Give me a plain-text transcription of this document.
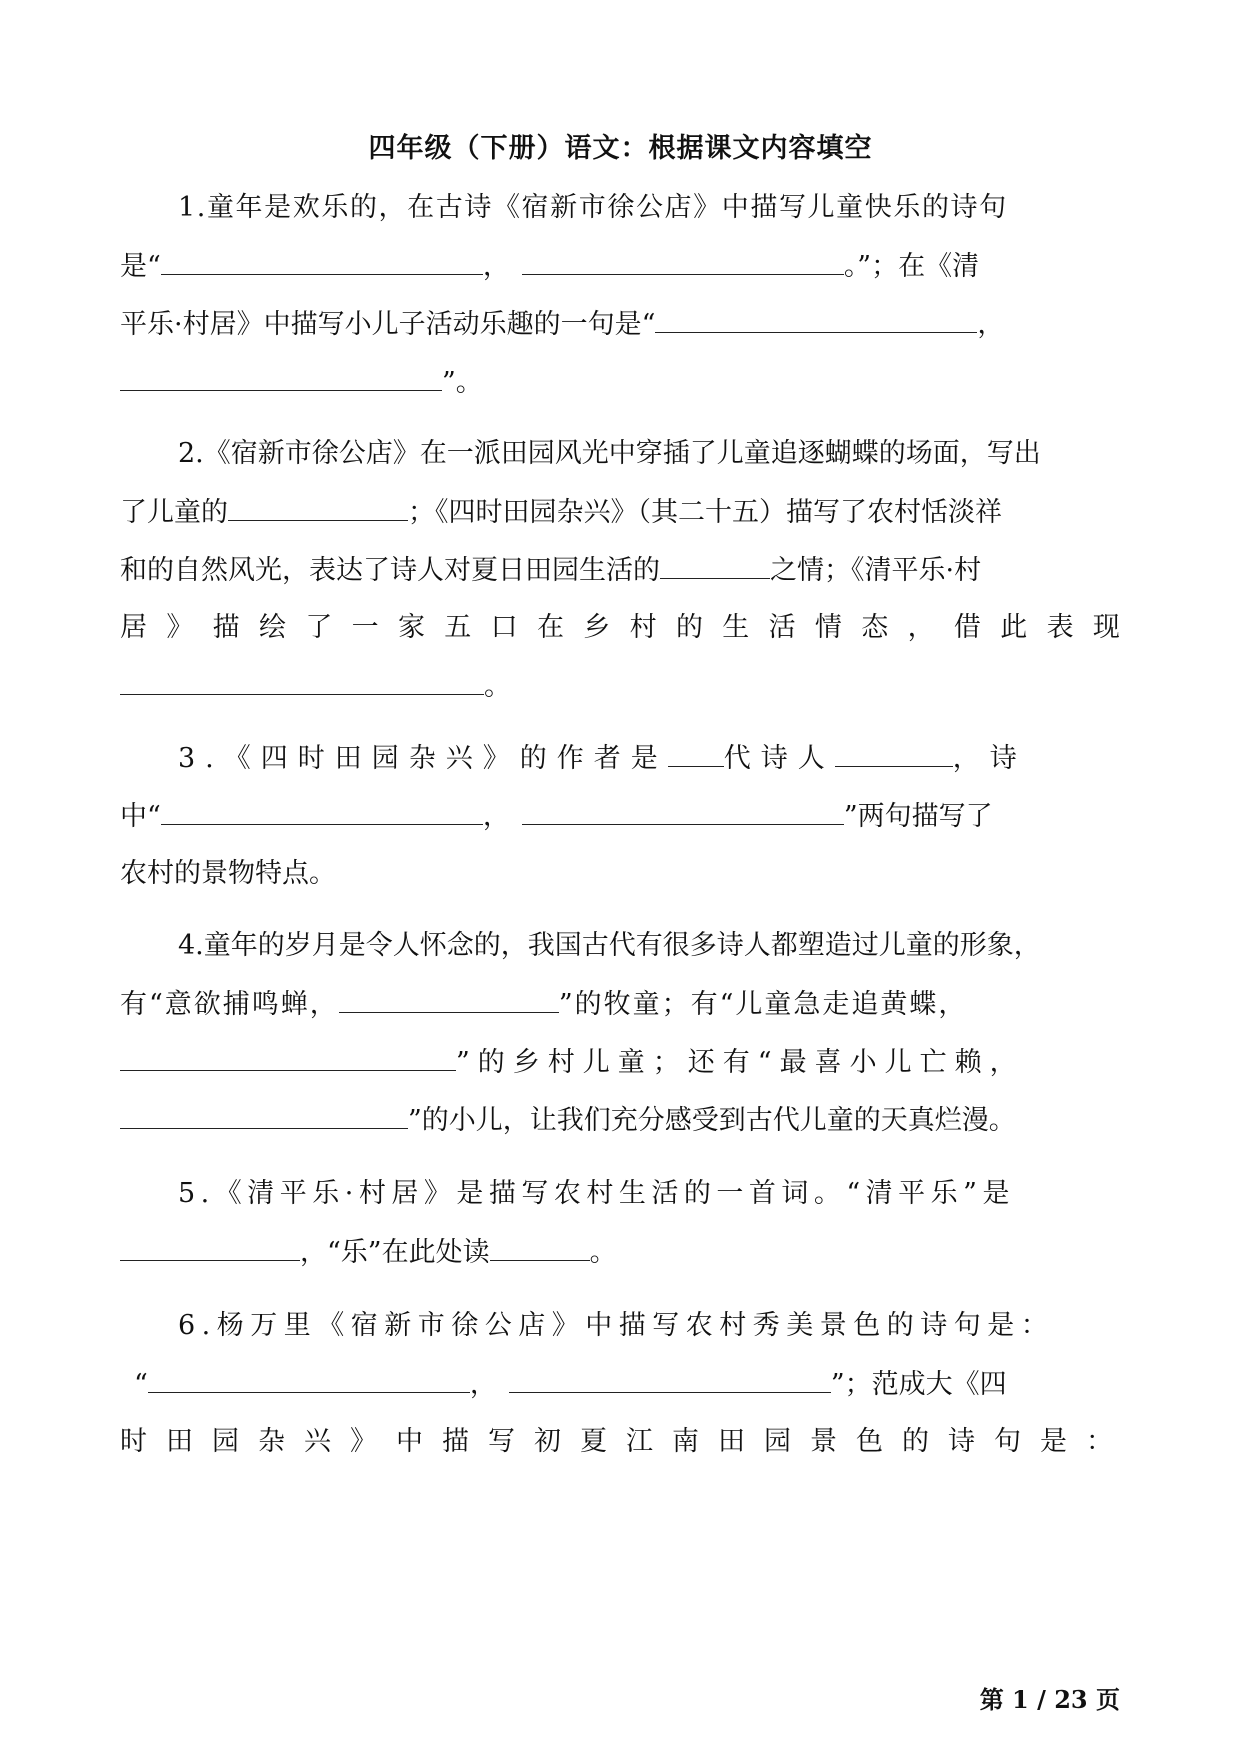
四年级（下册）语文：根据课文内容填空
1.童年是欢乐的，在古诗《宿新市徐公店》中描写儿童快乐的诗句
是“	，	。”；在《清
平乐·村居》中描写小儿子活动乐趣的一句是“	，
”。
2.《宿新市徐公店》在一派田园风光中穿插了儿童追逐蝴蝶的场面，写出
了儿童的	；《四时田园杂兴》（其二十五）描写了农村恬淡祥
和的自然风光，表达了诗人对夏日田园生活的	之情；《清平乐·村
居 》 描 绘 了 一 家 五 口 在 乡 村 的 生 活 情 态 ， 借 此 表 现
。
3.《四时田园杂兴》的作者是 代诗人	，诗
中“	，	”两句描写了
农村的景物特点。
4.童年的岁月是令人怀念的，我国古代有很多诗人都塑造过儿童的形象，
有“意欲捕鸣蝉，	”的牧童；有“儿童急走追黄蝶，
”的乡村儿童；还有“最喜小儿亡赖，
”的小儿，让我们充分感受到古代儿童的天真烂漫。
5.《清平乐·村居》是描写农村生活的一首词。“清平乐”是
，“乐”在此处读	。
6.杨万里《宿新市徐公店》中描写农村秀美景色的诗句是：
“	，	”；范成大《四
时田园杂兴》中描写初夏江南田园景色的诗句是：
第 1 / 23 页
